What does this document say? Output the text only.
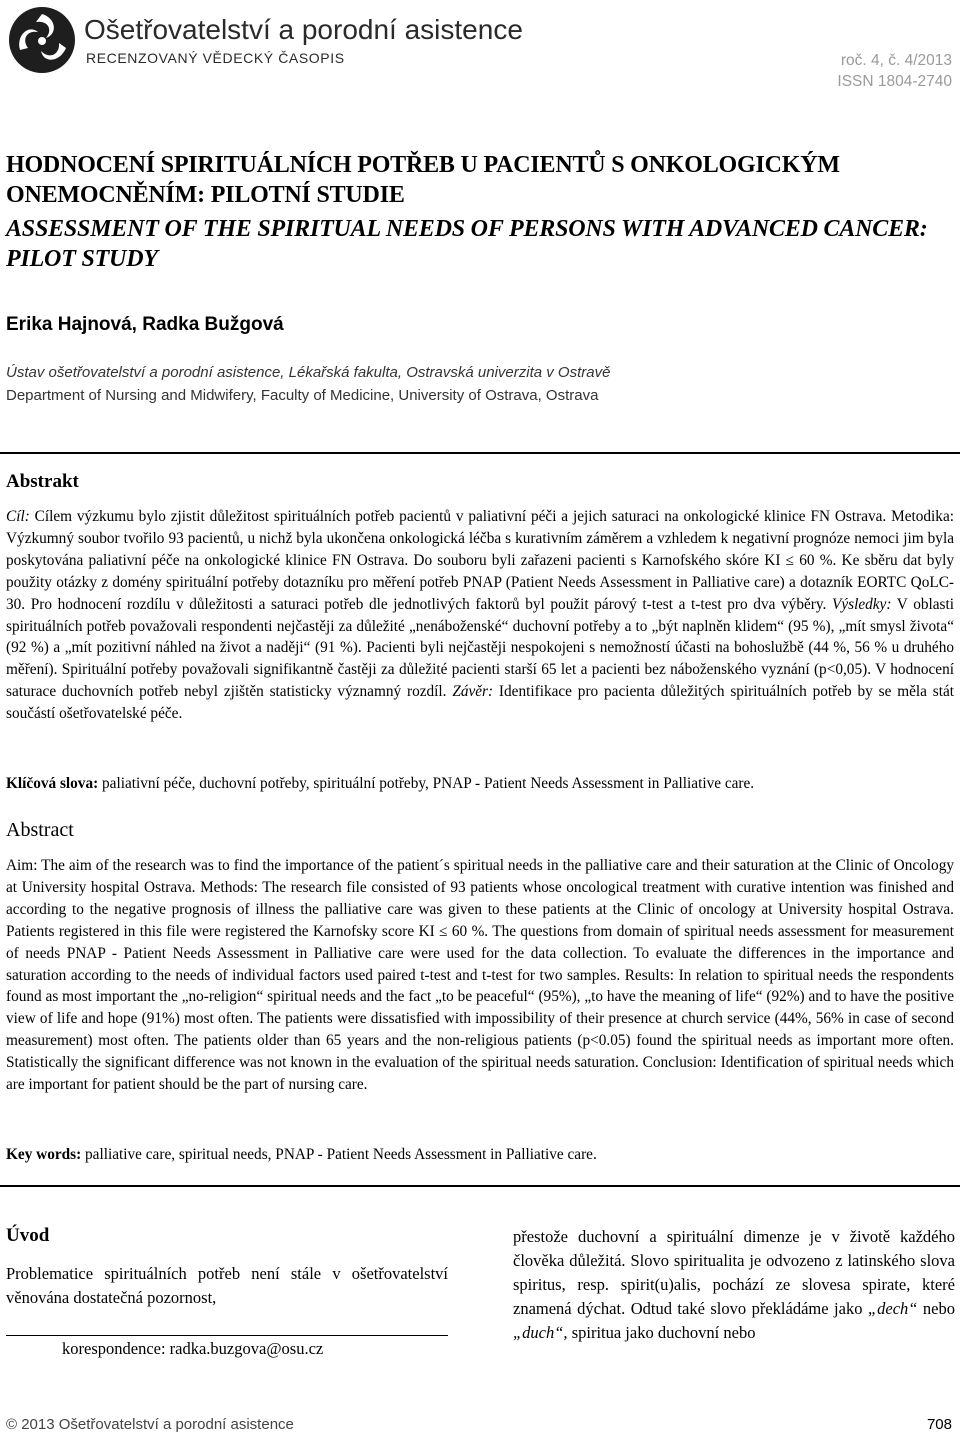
Ošetřovatelství a porodní asistence
RECENZOVANÝ VĚDECKÝ ČASOPIS	roč. 4, č. 4/2013
ISSN 1804-2740
HODNOCENÍ SPIRITUÁLNÍCH POTŘEB U PACIENTŮ S ONKOLOGICKÝM ONEMOCNĚNÍM: PILOTNÍ STUDIE
ASSESSMENT OF THE SPIRITUAL NEEDS OF PERSONS WITH ADVANCED CANCER: PILOT STUDY
Erika Hajnová, Radka Bužgová
Ústav ošetřovatelství a porodní asistence, Lékařská fakulta, Ostravská univerzita v Ostravě
Department of Nursing and Midwifery, Faculty of Medicine, University of Ostrava, Ostrava
Abstrakt
Cíl: Cílem výzkumu bylo zjistit důležitost spirituálních potřeb pacientů v paliativní péči a jejich saturaci na onkologické klinice FN Ostrava. Metodika: Výzkumný soubor tvořilo 93 pacientů, u nichž byla ukončena onkologická léčba s kurativním záměrem a vzhledem k negativní prognóze nemoci jim byla poskytována paliativní péče na onkologické klinice FN Ostrava. Do souboru byli zařazeni pacienti s Karnofského skóre KI ≤ 60 %. Ke sběru dat byly použity otázky z domény spirituální potřeby dotazníku pro měření potřeb PNAP (Patient Needs Assessment in Palliative care) a dotazník EORTC QoLC-30. Pro hodnocení rozdílu v důležitosti a saturaci potřeb dle jednotlivých faktorů byl použit párový t-test a t-test pro dva výběry. Výsledky: V oblasti spirituálních potřeb považovali respondenti nejčastěji za důležité „nenáboženské“ duchovní potřeby a to „být naplněn klidem“ (95 %), „mít smysl života“ (92 %) a „mít pozitivní náhled na život a naději“ (91 %). Pacienti byli nejčastěji nespokojeni s nemožností účasti na bohoslužbě (44 %, 56 % u druhého měření). Spirituální potřeby považovali signifikantně častěji za důležité pacienti starší 65 let a pacienti bez náboženského vyznání (p<0,05). V hodnocení saturace duchovních potřeb nebyl zjištěn statisticky významný rozdíl. Závěr: Identifikace pro pacienta důležitých spirituálních potřeb by se měla stát součástí ošetřovatelské péče.
Klíčová slova: paliativní péče, duchovní potřeby, spirituální potřeby, PNAP - Patient Needs Assessment in Palliative care.
Abstract
Aim: The aim of the research was to find the importance of the patient´s spiritual needs in the palliative care and their saturation at the Clinic of Oncology at University hospital Ostrava. Methods: The research file consisted of 93 patients whose oncological treatment with curative intention was finished and according to the negative prognosis of illness the palliative care was given to these patients at the Clinic of oncology at University hospital Ostrava. Patients registered in this file were registered the Karnofsky score KI ≤ 60 %. The questions from domain of spiritual needs assessment for measurement of needs PNAP - Patient Needs Assessment in Palliative care were used for the data collection. To evaluate the differences in the importance and saturation according to the needs of individual factors used paired t-test and t-test for two samples. Results: In relation to spiritual needs the respondents found as most important the „no-religion“ spiritual needs and the fact „to be peaceful“ (95%), „to have the meaning of life“ (92%) and to have the positive view of life and hope (91%) most often. The patients were dissatisfied with impossibility of their presence at church service (44%, 56% in case of second measurement) most often. The patients older than 65 years and the non-religious patients (p<0.05) found the spiritual needs as important more often. Statistically the significant difference was not known in the evaluation of the spiritual needs saturation. Conclusion: Identification of spiritual needs which are important for patient should be the part of nursing care.
Key words: palliative care, spiritual needs, PNAP - Patient Needs Assessment in Palliative care.
Úvod
Problematice spirituálních potřeb není stále v ošetřovatelství věnována dostatečná pozornost,
korespondence: radka.buzgova@osu.cz
přestože duchovní a spirituální dimenze je v životě každého člověka důležitá. Slovo spiritualita je odvozeno z latinského slova spiritus, resp. spirit(u)alis, pochází ze slovesa spirate, které znamená dýchat. Odtud také slovo překládáme jako „dech“ nebo „duch“, spiritua jako duchovní nebo
© 2013 Ošetřovatelství a porodní asistence	708
